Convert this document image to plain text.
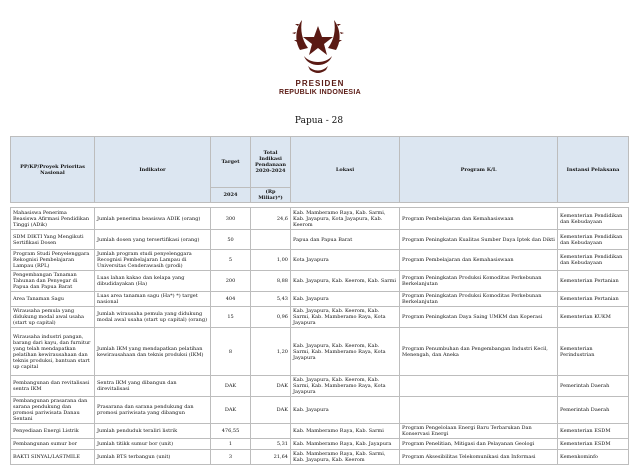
PRESIDEN
REPUBLIK INDONESIA
Papua - 28
PP/KP/Proyek Prioritas Nasional	Indikator	Target	Total Indikasi Pendanaan 2020-2024	Lokasi	Program K/L	Instansi Pelaksana
		2024	(Rp Miliar)*)			

Mahasiswa Penerima Beasiswa Afirmasi Pendidikan Tinggi (ADik)	Jumlah penerima beasiswa ADIK (orang)	300	24,6	Kab. Mamberamo Raya, Kab. Sarmi, Kab. Jayapura, Kota Jayapura, Kab. Keerom	Program Pembelajaran dan Kemahasiswaan	Kementerian Pendidikan dan Kebudayaan
SDM DIKTI Yang Mengikuti Sertifikasi Dosen	Jumlah dosen yang tersertifikasi (orang)	50		Papua dan Papua Barat	Program Peningkatan Kualitas Sumber Daya Iptek dan Dikti	Kementerian Pendidikan dan Kebudayaan
Program Studi Penyelenggara Rekognisi Pembelajaran Lampau (RPL)	Jumlah program studi penyelenggara Recognisi Pembelajaran Lampau di Universitas Cenderawasih (prodi)	5	1,00	Kota Jayapura	Program Pembelajaran dan Kemahasiswaan	Kementerian Pendidikan dan Kebudayaan
Pengembangan Tanaman Tahunan dan Penyegar di Papua dan Papua Barat	Luas lahan kakao dan kelapa yang dibudidayakan (Ha)	200	8,88	Kab. Jayapura, Kab. Keerom, Kab. Sarmi	Program Peningkatan Produksi Komoditas Perkebunan Berkelanjutan	Kementerian Pertanian
Area Tanaman Sagu	Luas area tanaman sagu (Ha*) *) target nasional	404	5,43	Kab. Jayapura	Program Peningkatan Produksi Komoditas Perkebunan Berkelanjutan	Kementerian Pertanian
Wirausaha pemula yang didukung modal awal usaha (start up capital)	Jumlah wirausaha pemula yang didukung modal awal usaha (start up capital) (orang)	15	0,96	Kab. Jayapura, Kab. Keerom, Kab. Sarmi, Kab. Mamberamo Raya, Kota Jayapura	Program Peningkatan Daya Saing UMKM dan Koperasi	Kementerian KUKM
Wirausaha industri pangan, barang dari kayu, dan furnitur yang telah mendapatkan pelatihan kewirausahaan dan teknis produksi, bantuan start up capital	Jumlah IKM yang mendapatkan pelatihan kewirausahaan dan teknis produksi (IKM)	8	1,20	Kab. Jayapura, Kab. Keerom, Kab. Sarmi, Kab. Mamberamo Raya, Kota Jayapura	Program Penumbuhan dan Pengembangan Industri Kecil, Menengah, dan Aneka	Kementerian Perindustrian
Pembangunan dan revitalisasi sentra IKM	Sentra IKM yang dibangun dan direvitalisasi	DAK	DAK	Kab. Jayapura, Kab. Keerom, Kab. Sarmi, Kab. Mamberamo Raya, Kota Jayapura		Pemerintah Daerah
Pembangunan prasarana dan sarana pendukung dan promosi pariwisata Danau Sentani	Prasarana dan sarana pendukung dan promosi pariwisata yang dibangun	DAK	DAK	Kab. Jayapura		Pemerintah Daerah
Penyediaan Energi Listrik	Jumlah penduduk teraliri listrik	476,55		Kab. Mamberamo Raya, Kab. Sarmi	Program Pengelolaan Energi Baru Terbarukan Dan Konservasi Energi	Kementerian ESDM
Pembangunan sumur bor	Jumlah titikk sumur bor (unit)	1	5,31	Kab. Mamberamo Raya, Kab. Jayapura	Program Penelitian, Mitigasi dan Pelayanan Geologi	Kementerian ESDM
BAKTI SINYAL/LASTMILE	Jumlah BTS terbangun (unit)	3	21,64	Kab. Mamberamo Raya, Kab. Sarmi, Kab. Jayapura, Kab. Keerom	Program Aksesibilitas Telekomunikasi dan Informasi	Kemenkominfo
